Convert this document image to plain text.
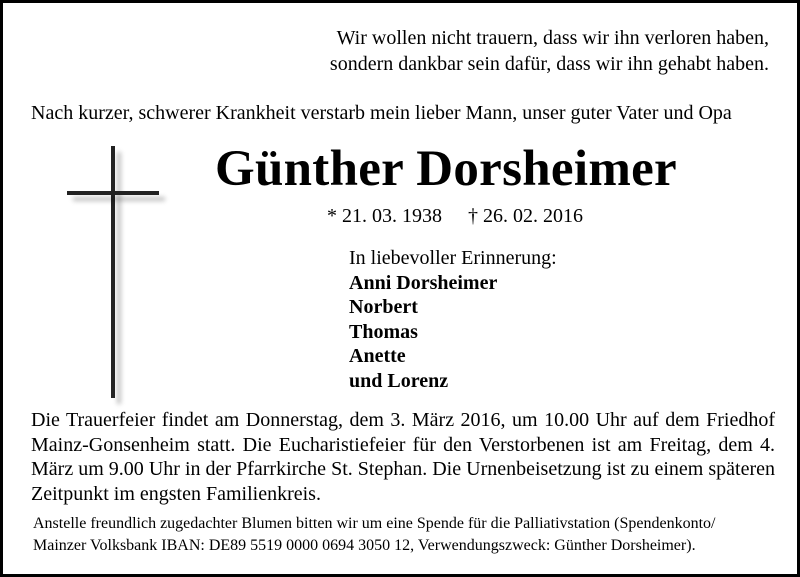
Wir wollen nicht trauern, dass wir ihn verloren haben,
sondern dankbar sein dafür, dass wir ihn gehabt haben.
Nach kurzer, schwerer Krankheit verstarb mein lieber Mann, unser guter Vater und Opa
Günther Dorsheimer
* 21. 03. 1938 † 26. 02. 2016
In liebevoller Erinnerung:
Anni Dorsheimer
Norbert
Thomas
Anette
und Lorenz
Die Trauerfeier findet am Donnerstag, dem 3. März 2016, um 10.00 Uhr auf dem Friedhof Mainz-Gonsenheim statt. Die Eucharistiefeier für den Verstorbenen ist am Freitag, dem 4. März um 9.00 Uhr in der Pfarrkirche St. Stephan. Die Urnenbeisetzung ist zu einem späteren Zeitpunkt im engsten Familienkreis.
Anstelle freundlich zugedachter Blumen bitten wir um eine Spende für die Palliativstation (Spendenkonto/
Mainzer Volksbank IBAN: DE89 5519 0000 0694 3050 12, Verwendungszweck: Günther Dorsheimer).
